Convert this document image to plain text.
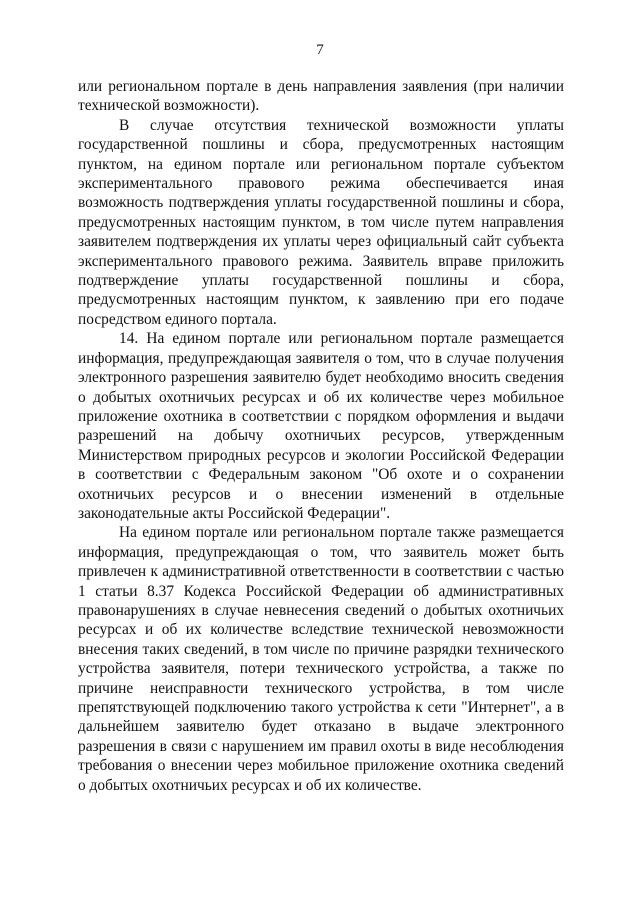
7

или региональном портале в день направления заявления (при наличии технической возможности).

В случае отсутствия технической возможности уплаты государственной пошлины и сбора, предусмотренных настоящим пунктом, на едином портале или региональном портале субъектом экспериментального правового режима обеспечивается иная возможность подтверждения уплаты государственной пошлины и сбора, предусмотренных настоящим пунктом, в том числе путем направления заявителем подтверждения их уплаты через официальный сайт субъекта экспериментального правового режима. Заявитель вправе приложить подтверждение уплаты государственной пошлины и сбора, предусмотренных настоящим пунктом, к заявлению при его подаче посредством единого портала.

14. На едином портале или региональном портале размещается информация, предупреждающая заявителя о том, что в случае получения электронного разрешения заявителю будет необходимо вносить сведения о добытых охотничьих ресурсах и об их количестве через мобильное приложение охотника в соответствии с порядком оформления и выдачи разрешений на добычу охотничьих ресурсов, утвержденным Министерством природных ресурсов и экологии Российской Федерации в соответствии с Федеральным законом "Об охоте и о сохранении охотничьих ресурсов и о внесении изменений в отдельные законодательные акты Российской Федерации".

На едином портале или региональном портале также размещается информация, предупреждающая о том, что заявитель может быть привлечен к административной ответственности в соответствии с частью 1 статьи 8.37 Кодекса Российской Федерации об административных правонарушениях в случае невнесения сведений о добытых охотничьих ресурсах и об их количестве вследствие технической невозможности внесения таких сведений, в том числе по причине разрядки технического устройства заявителя, потери технического устройства, а также по причине неисправности технического устройства, в том числе препятствующей подключению такого устройства к сети "Интернет", а в дальнейшем заявителю будет отказано в выдаче электронного разрешения в связи с нарушением им правил охоты в виде несоблюдения требования о внесении через мобильное приложение охотника сведений о добытых охотничьих ресурсах и об их количестве.
